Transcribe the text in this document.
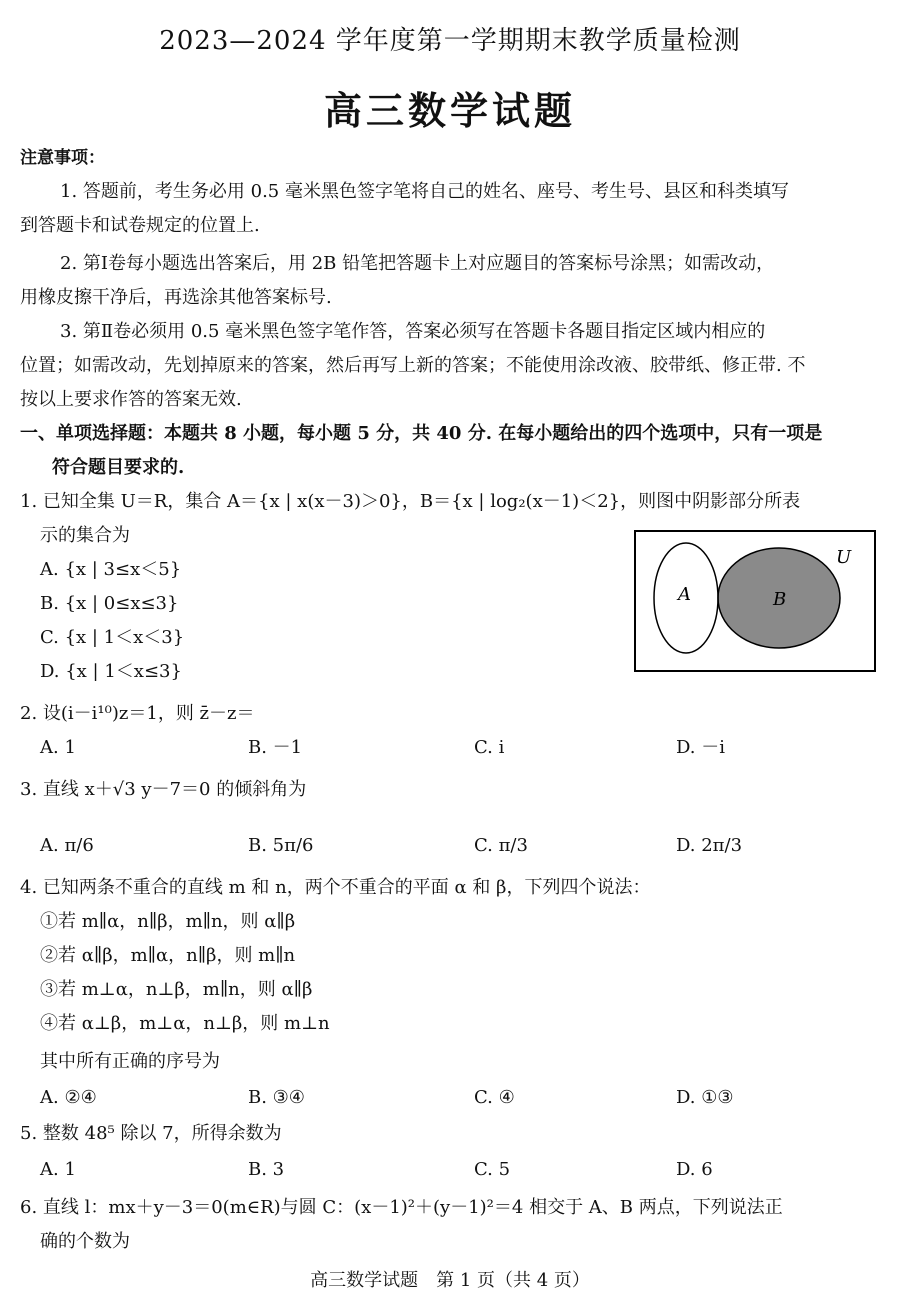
2023—2024 学年度第一学期期末教学质量检测
高三数学试题
注意事项：
1. 答题前，考生务必用 0.5 毫米黑色签字笔将自己的姓名、座号、考生号、县区和科类填写
到答题卡和试卷规定的位置上.
2. 第Ⅰ卷每小题选出答案后，用 2B 铅笔把答题卡上对应题目的答案标号涂黑；如需改动，
用橡皮擦干净后，再选涂其他答案标号.
3. 第Ⅱ卷必须用 0.5 毫米黑色签字笔作答，答案必须写在答题卡各题目指定区域内相应的
位置；如需改动，先划掉原来的答案，然后再写上新的答案；不能使用涂改液、胶带纸、修正带. 不
按以上要求作答的答案无效.
一、单项选择题：本题共 8 小题，每小题 5 分，共 40 分. 在每小题给出的四个选项中，只有一项是
符合题目要求的.
1. 已知全集 U＝R，集合 A＝{x | x(x－3)＞0}，B＝{x | log₂(x－1)＜2}，则图中阴影部分所表
示的集合为
A. {x | 3≤x＜5}
B. {x | 0≤x≤3}
C. {x | 1＜x＜3}
D. {x | 1＜x≤3}
A	B
U
2. 设(i－i¹⁰)z＝1，则 z̄－z＝
A. 1	B. －1	C. i	D. －i
3. 直线 x＋√3 y－7＝0 的倾斜角为
A. π/6	B. 5π/6	C. π/3	D. 2π/3
4. 已知两条不重合的直线 m 和 n，两个不重合的平面 α 和 β，下列四个说法：
①若 m∥α，n∥β，m∥n，则 α∥β
②若 α∥β，m∥α，n∥β，则 m∥n
③若 m⊥α，n⊥β，m∥n，则 α∥β
④若 α⊥β，m⊥α，n⊥β，则 m⊥n
其中所有正确的序号为
A. ②④	B. ③④	C. ④	D. ①③
5. 整数 48⁵ 除以 7，所得余数为
A. 1	B. 3	C. 5	D. 6
6. 直线 l：mx＋y－3＝0(m∈R)与圆 C：(x－1)²＋(y－1)²＝4 相交于 A、B 两点，下列说法正
确的个数为
高三数学试题　第 1 页（共 4 页）
